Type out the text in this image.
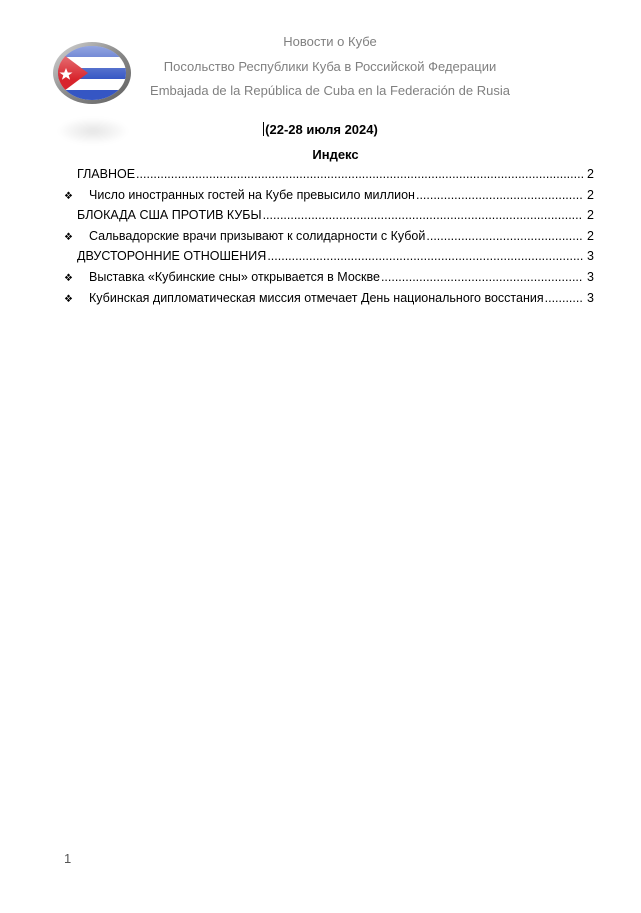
Новости о Кубе
Посольство Республики Куба в Российской Федерации
Embajada de la República de Cuba en la Federación de Rusia
(22-28 июля 2024)
Индекс
ГЛАВНОЕ .....	2
❖	Число иностранных гостей на Кубе превысило миллион .....	2
БЛОКАДА США ПРОТИВ КУБЫ .....	2
❖	Сальвадорские врачи призывают к солидарности с Кубой .....	2
ДВУСТОРОННИЕ ОТНОШЕНИЯ .....	3
❖	Выставка «Кубинские сны» открывается в Москве .....	3
❖	Кубинская дипломатическая миссия отмечает День национального восстания .....	3
1
